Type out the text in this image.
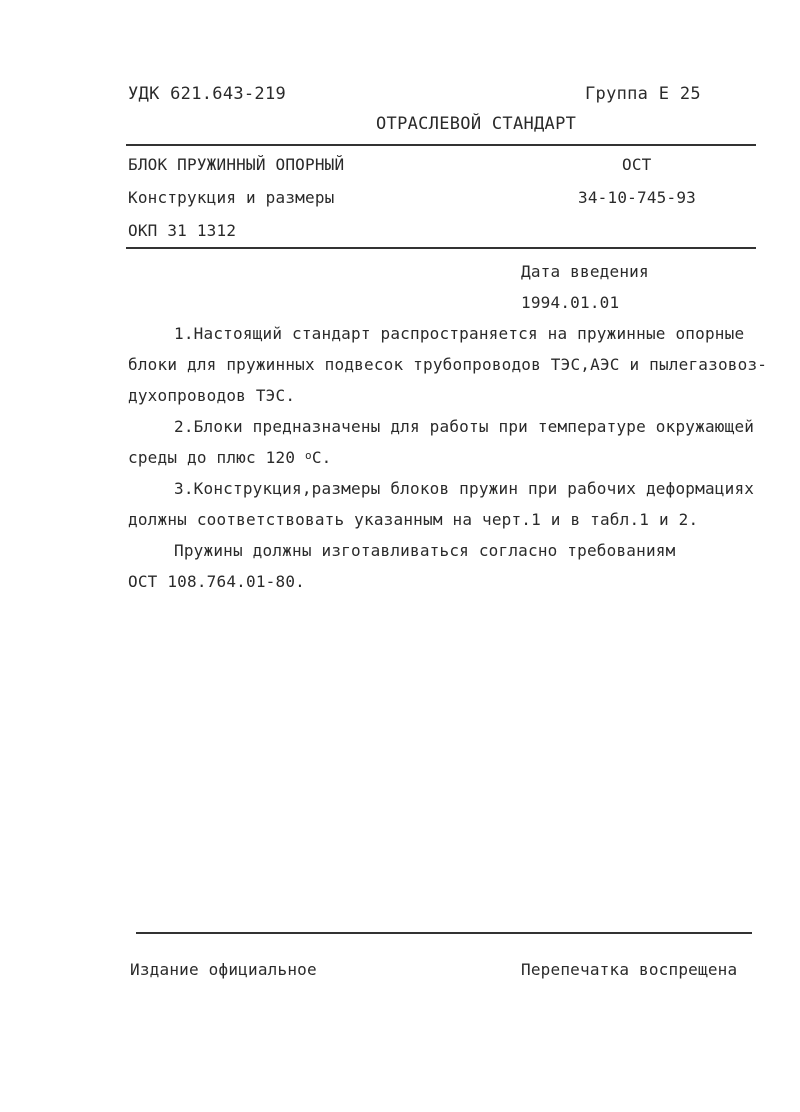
УДК 621.643-219	Группа Е 25
ОТРАСЛЕВОЙ СТАНДАРТ
БЛОК ПРУЖИННЫЙ ОПОРНЫЙ	ОСТ
Конструкция и размеры	34-10-745-93
ОКП 31 1312
Дата введения
1994.01.01
1.Настоящий стандарт распространяется на пружинные опорные
блоки для пружинных подвесок трубопроводов ТЭС,АЭС и пылегазовоз-
духопроводов ТЭС.
2.Блоки предназначены для работы при температуре окружающей
среды до плюс 120 $^о$С.
3.Конструкция,размеры блоков пружин при рабочих деформациях
должны соответствовать указанным на черт.1 и в табл.1 и 2.
Пружины должны изготавливаться согласно требованиям
ОСТ 108.764.01-80.
Издание официальное	Перепечатка воспрещена
